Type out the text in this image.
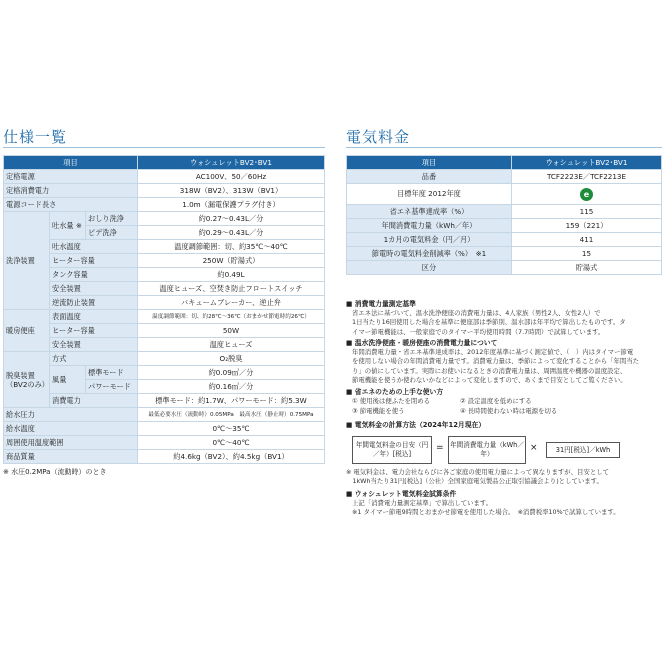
仕様一覧
項目			ウォシュレットBV2･BV1
定格電源			AC100V、50／60Hz
定格消費電力			318W（BV2）、313W（BV1）
電源コード長さ			1.0m（漏電保護プラグ付き）
洗浄装置	吐水量 ※	おしり洗浄	約0.27〜0.43L／分
		ビデ洗浄	約0.29〜0.43L／分
	吐水温度		温度調節範囲：切、約35℃〜40℃
	ヒーター容量		250W（貯湯式）
	タンク容量		約0.49L
	安全装置		温度ヒューズ、空焚き防止フロートスイッチ
	逆流防止装置		バキュームブレーカー、逆止弁
暖房便座	表面温度		温度調節範囲：切、約28℃〜36℃（おまかせ節電時約26℃）
	ヒーター容量		50W
	安全装置		温度ヒューズ
脱臭装置（BV2のみ）	方式		O₂脱臭
	風量	標準モード	約0.09㎥／分
		パワーモード	約0.16㎥／分
	消費電力		標準モード：約1.7W、パワーモード：約5.3W
給水圧力			最低必要水圧（流動時）0.05MPa　最高水圧（静止時）0.75MPa
給水温度			0℃〜35℃
周囲使用温度範囲			0℃〜40℃
商品質量			約4.6kg（BV2）、約4.5kg（BV1）
※ 水圧0.2MPa（流動時）のとき
電気料金
項目	ウォシュレットBV2･BV1
品番	TCF2223E／TCF2213E
目標年度 2012年度	e
省エネ基準達成率（%）	115
年間消費電力量（kWh／年）	159（221）
1カ月の電気料金（円／月）	411
節電時の電気料金削減率（%）　※1	15
区分	貯湯式
■ 消費電力量測定基準
省エネ法に基づいて、温水洗浄便座の消費電力量は、4人家族（男性2人、女性2人）で
1日当たり16回使用した場合を基準に便座部は季節別、温水部は年平均で算出したものです。タ
イマー節電機能は、一般家庭でのタイマー平均使用時間（7.7時間）で試算しています。
■ 温水洗浄便座・暖房便座の消費電力量について
年間消費電力量・省エネ基準達成率は、2012年度基準に基づく測定値で、（　）内はタイマー節電
を使用しない場合の年間消費電力量です。消費電力量は、季節によって変化することから「年間当た
り」の値にしています。実際にお使いになるときの消費電力量は、周囲温度や機器の温度設定、
節電機能を使うか使わないかなどによって変化しますので、あくまで目安としてご覧ください。
■ 省エネのための上手な使い方
① 使用後は便ふたを閉める	② 設定温度を低めにする
③ 節電機能を使う	④ 長時間使わない時は電源を切る
■ 電気料金の計算方法（2024年12月現在）
年間電気料金の目安（円／年）[税込]
= 年間消費電力量（kWh／年）
×	31円[税込]／kWh
※ 電気料金は、電力会社ならびに各ご家庭の使用電力量によって異なりますが、目安として
　1kWh当たり31円[税込]（公社）全国家庭電気製品公正取引協議会より)としています。
■ ウォシュレット電気料金試算条件
上記「消費電力量測定基準」で算出しています。
※1 タイマー節電9時間とおまかせ節電を使用した場合。　※消費税率10%で試算しています。
